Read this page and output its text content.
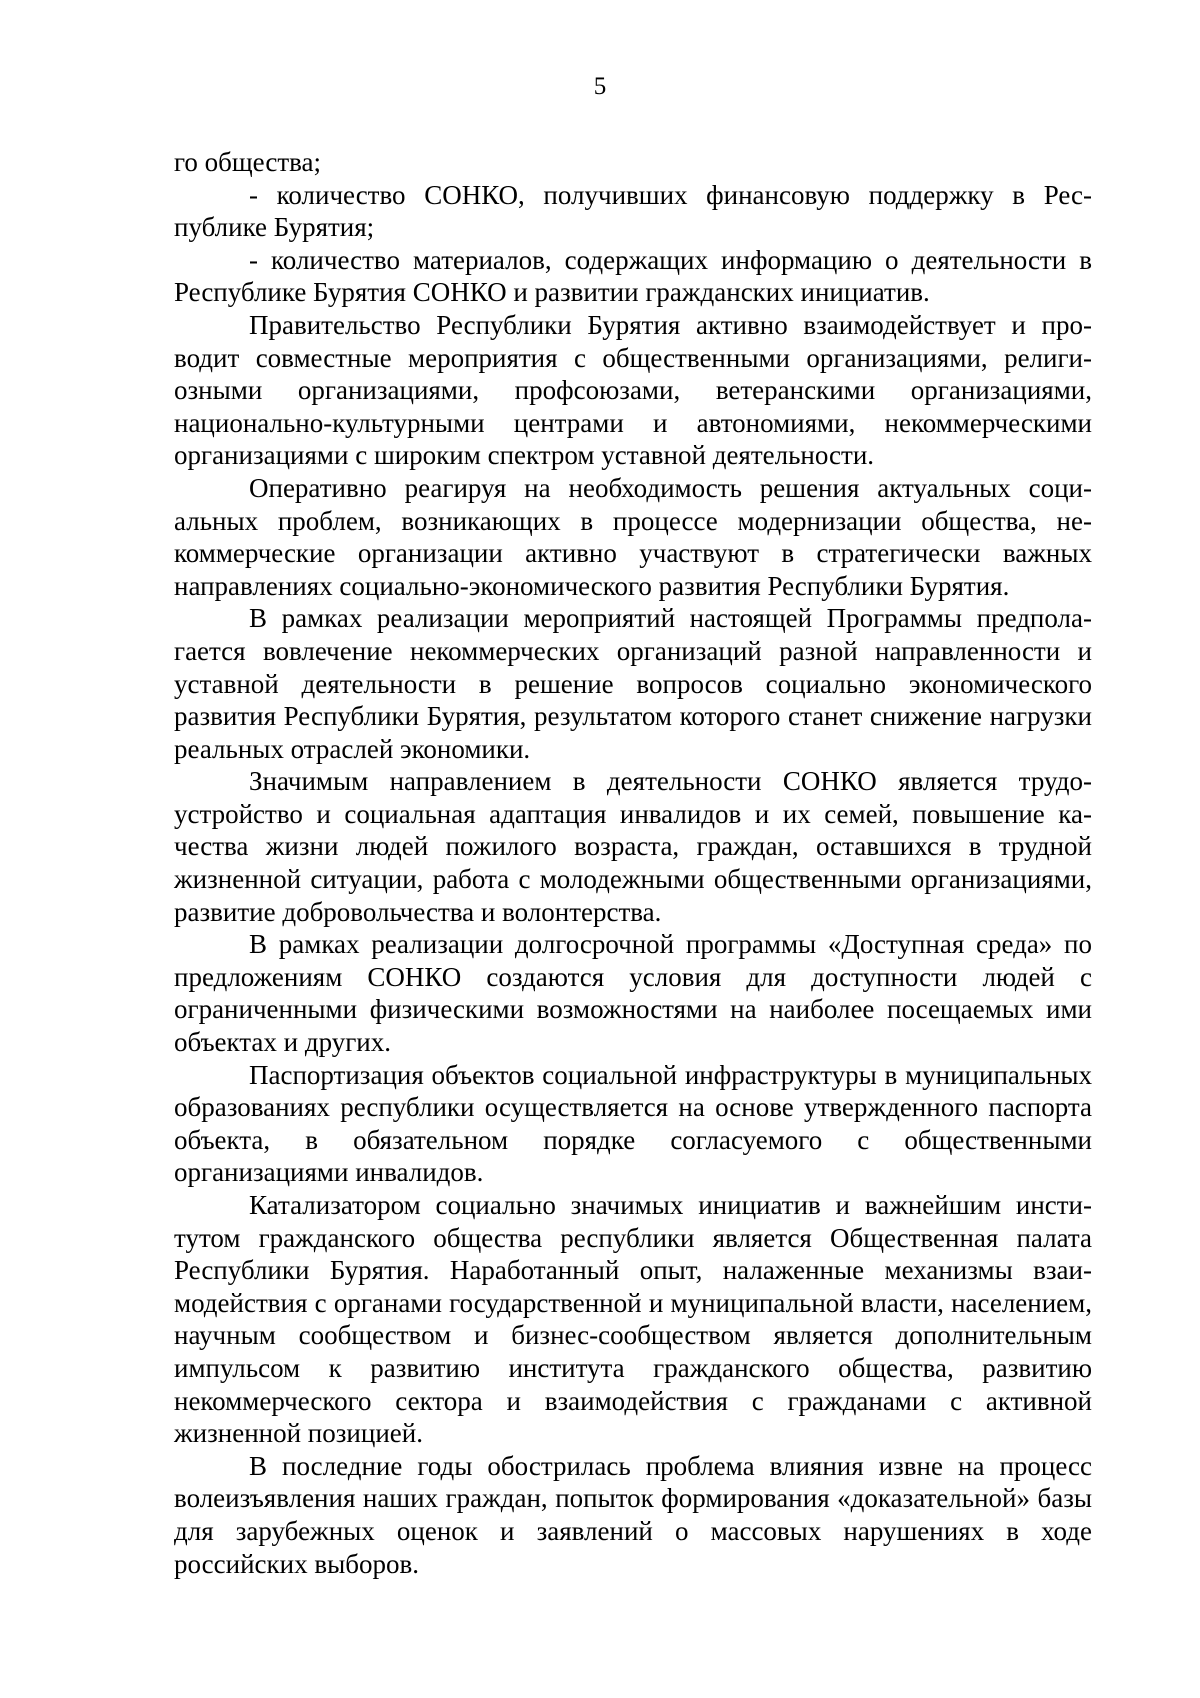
5

го общества;

- количество СОНКО, получивших финансовую поддержку в Республике Бурятия;

- количество материалов, содержащих информацию о деятельности в Республике Бурятия СОНКО и развитии гражданских инициатив.

Правительство Республики Бурятия активно взаимодействует и проводит совместные мероприятия с общественными организациями, религиозными организациями, профсоюзами, ветеранскими организациями, национально-культурными центрами и автономиями, некоммерческими организациями с широким спектром уставной деятельности.

Оперативно реагируя на необходимость решения актуальных социальных проблем, возникающих в процессе модернизации общества, некоммерческие организации активно участвуют в стратегически важных направлениях социально-экономического развития Республики Бурятия.

В рамках реализации мероприятий настоящей Программы предполагается вовлечение некоммерческих организаций разной направленности и уставной деятельности в решение вопросов социально экономического развития Республики Бурятия, результатом которого станет снижение нагрузки реальных отраслей экономики.

Значимым направлением в деятельности СОНКО является трудоустройство и социальная адаптация инвалидов и их семей, повышение качества жизни людей пожилого возраста, граждан, оставшихся в трудной жизненной ситуации, работа с молодежными общественными организациями, развитие добровольчества и волонтерства.

В рамках реализации долгосрочной программы «Доступная среда» по предложениям СОНКО создаются условия для доступности людей с ограниченными физическими возможностями на наиболее посещаемых ими объектах и других.

Паспортизация объектов социальной инфраструктуры в муниципальных образованиях республики осуществляется на основе утвержденного паспорта объекта, в обязательном порядке согласуемого с общественными организациями инвалидов.

Катализатором социально значимых инициатив и важнейшим институтом гражданского общества республики является Общественная палата Республики Бурятия. Наработанный опыт, налаженные механизмы взаимодействия с органами государственной и муниципальной власти, населением, научным сообществом и бизнес-сообществом является дополнительным импульсом к развитию института гражданского общества, развитию некоммерческого сектора и взаимодействия с гражданами с активной жизненной позицией.

В последние годы обострилась проблема влияния извне на процесс волеизъявления наших граждан, попыток формирования «доказательной» базы для зарубежных оценок и заявлений о массовых нарушениях в ходе российских выборов.
